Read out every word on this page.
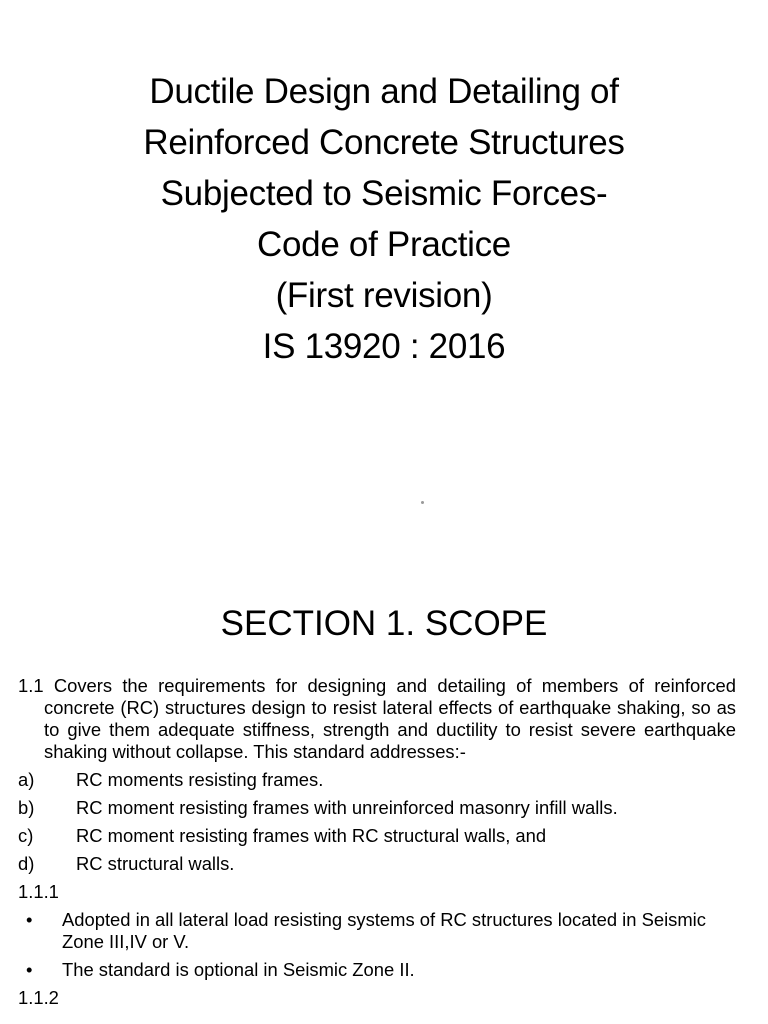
Ductile Design and Detailing of
Reinforced Concrete Structures
Subjected to Seismic Forces-
Code of Practice
(First revision)
IS 13920 : 2016
SECTION 1. SCOPE

1.1 Covers the requirements for designing and detailing of members of reinforced concrete (RC) structures design to resist lateral effects of earthquake shaking, so as to give them adequate stiffness, strength and ductility to resist severe earthquake shaking without collapse. This standard addresses:-

a)	RC moments resisting frames.
b)	RC moment resisting frames with unreinforced masonry infill walls.
c)	RC moment resisting frames with RC structural walls, and
d)	RC structural walls.
1.1.1
•	Adopted in all lateral load resisting systems of RC structures located in Seismic Zone III,IV or V.
•	The standard is optional in Seismic Zone II.
1.1.2
